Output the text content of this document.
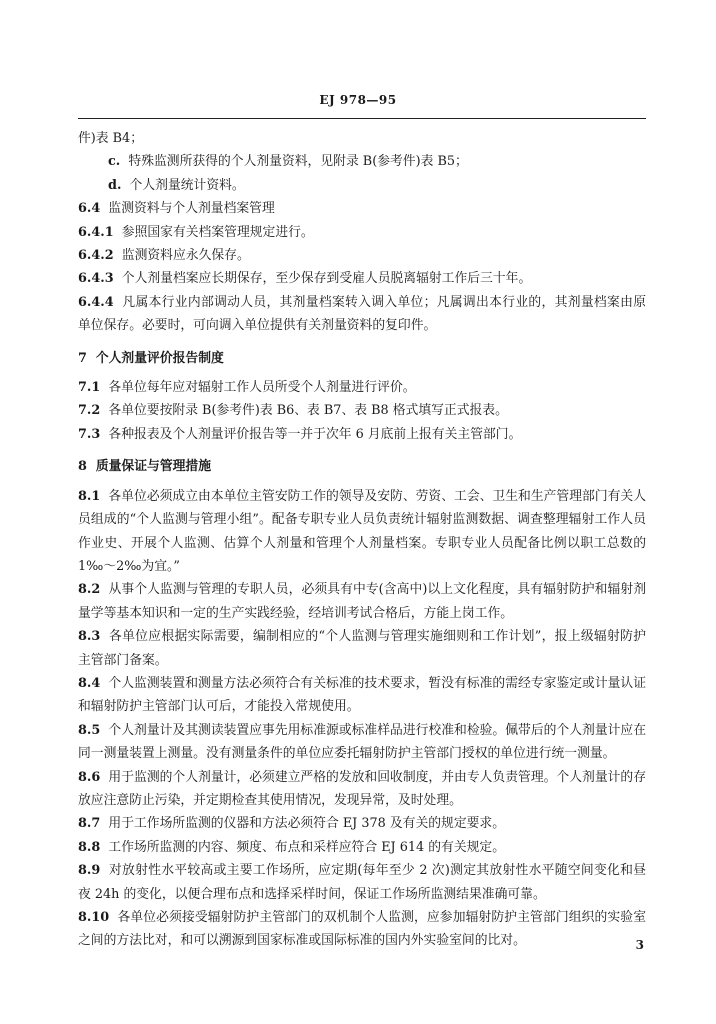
EJ 978—95

件)表 B4；

c. 特殊监测所获得的个人剂量资料，见附录 B(参考件)表 B5；

d. 个人剂量统计资料。

6.4 监测资料与个人剂量档案管理

6.4.1 参照国家有关档案管理规定进行。

6.4.2 监测资料应永久保存。

6.4.3 个人剂量档案应长期保存，至少保存到受雇人员脱离辐射工作后三十年。

6.4.4 凡属本行业内部调动人员，其剂量档案转入调入单位；凡属调出本行业的，其剂量档案由原单位保存。必要时，可向调入单位提供有关剂量资料的复印件。

7 个人剂量评价报告制度

7.1 各单位每年应对辐射工作人员所受个人剂量进行评价。

7.2 各单位要按附录 B(参考件)表 B6、表 B7、表 B8 格式填写正式报表。

7.3 各种报表及个人剂量评价报告等一并于次年 6 月底前上报有关主管部门。

8 质量保证与管理措施

8.1 各单位必须成立由本单位主管安防工作的领导及安防、劳资、工会、卫生和生产管理部门有关人员组成的“个人监测与管理小组”。配备专职专业人员负责统计辐射监测数据、调查整理辐射工作人员作业史、开展个人监测、估算个人剂量和管理个人剂量档案。专职专业人员配备比例以职工总数的 1‰～2‰为宜。”

8.2 从事个人监测与管理的专职人员，必须具有中专(含高中)以上文化程度，具有辐射防护和辐射剂量学等基本知识和一定的生产实践经验，经培训考试合格后，方能上岗工作。

8.3 各单位应根据实际需要，编制相应的“个人监测与管理实施细则和工作计划”，报上级辐射防护主管部门备案。

8.4 个人监测装置和测量方法必须符合有关标准的技术要求，暂没有标准的需经专家鉴定或计量认证和辐射防护主管部门认可后，才能投入常规使用。

8.5 个人剂量计及其测读装置应事先用标准源或标准样品进行校准和检验。佩带后的个人剂量计应在同一测量装置上测量。没有测量条件的单位应委托辐射防护主管部门授权的单位进行统一测量。

8.6 用于监测的个人剂量计，必须建立严格的发放和回收制度，并由专人负责管理。个人剂量计的存放应注意防止污染，并定期检查其使用情况，发现异常，及时处理。

8.7 用于工作场所监测的仪器和方法必须符合 EJ 378 及有关的规定要求。

8.8 工作场所监测的内容、频度、布点和采样应符合 EJ 614 的有关规定。

8.9 对放射性水平较高或主要工作场所，应定期(每年至少 2 次)测定其放射性水平随空间变化和昼夜 24h 的变化，以便合理布点和选择采样时间，保证工作场所监测结果准确可靠。

8.10 各单位必须接受辐射防护主管部门的双机制个人监测，应参加辐射防护主管部门组织的实验室之间的方法比对，和可以溯源到国家标准或国际标准的国内外实验室间的比对。	3
